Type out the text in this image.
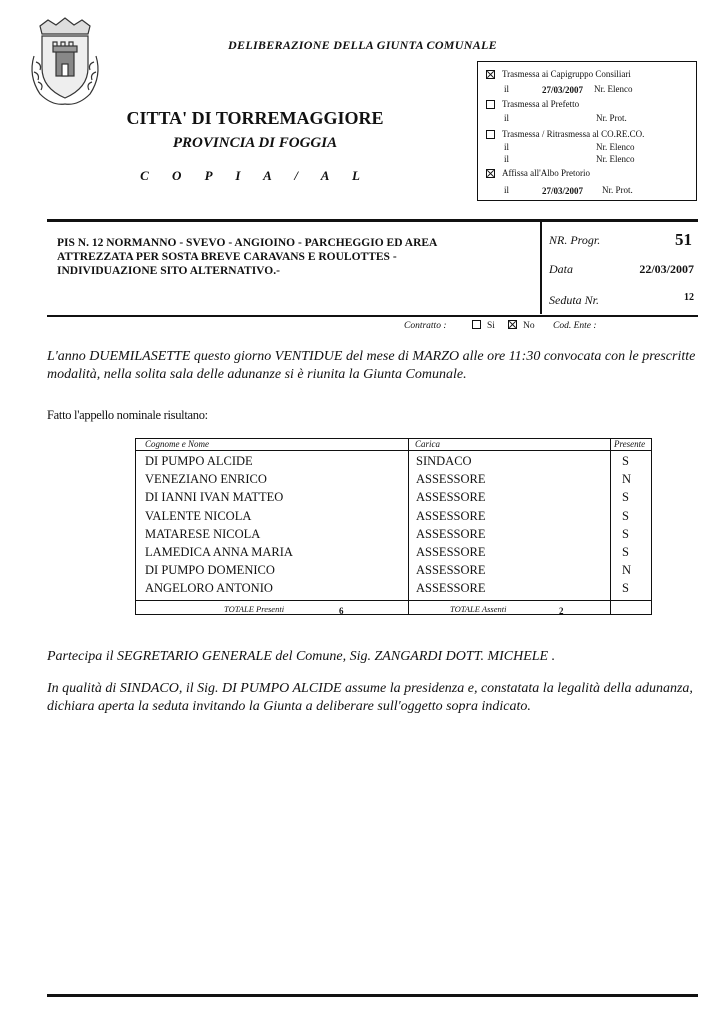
DELIBERAZIONE DELLA GIUNTA COMUNALE
CITTA' DI TORREMAGGIORE
PROVINCIA DI FOGGIA
C O P I A / A L
Trasmessa ai Capigruppo Consiliari
il	27/03/2007 Nr. Elenco
Trasmessa al Prefetto
il	Nr. Prot.
Trasmessa / Ritrasmessa al CO.RE.CO.
il	Nr. Elenco
il	Nr. Elenco
Affissa all'Albo Pretorio
il	27/03/2007 Nr. Prot.
PIS N. 12 NORMANNO - SVEVO - ANGIOINO - PARCHEGGIO ED AREA
ATTREZZATA PER SOSTA BREVE CARAVANS E ROULOTTES -
INDIVIDUAZIONE SITO ALTERNATIVO.-
NR. Progr.	51
Data	22/03/2007
Seduta Nr.	12
Contratto :	Si	No Cod. Ente :
L'anno DUEMILASETTE questo giorno VENTIDUE del mese di MARZO alle ore 11:30 convocata con le prescritte modalità, nella solita sala delle adunanze si è riunita la Giunta Comunale.
Fatto l'appello nominale risultano:
Cognome e Nome	Carica	Presente
DI PUMPO ALCIDE	SINDACO	S
VENEZIANO ENRICO	ASSESSORE	N
DI IANNI IVAN MATTEO	ASSESSORE	S
VALENTE NICOLA	ASSESSORE	S
MATARESE NICOLA	ASSESSORE	S
LAMEDICA ANNA MARIA	ASSESSORE	S
DI PUMPO DOMENICO	ASSESSORE	N
ANGELORO ANTONIO	ASSESSORE	S
TOTALE Presenti	6	TOTALE Assenti	2
Partecipa il SEGRETARIO GENERALE del Comune, Sig. ZANGARDI DOTT. MICHELE .
In qualità di SINDACO, il Sig. DI PUMPO ALCIDE assume la presidenza e, constatata la legalità della adunanza, dichiara aperta la seduta invitando la Giunta a deliberare sull'oggetto sopra indicato.
